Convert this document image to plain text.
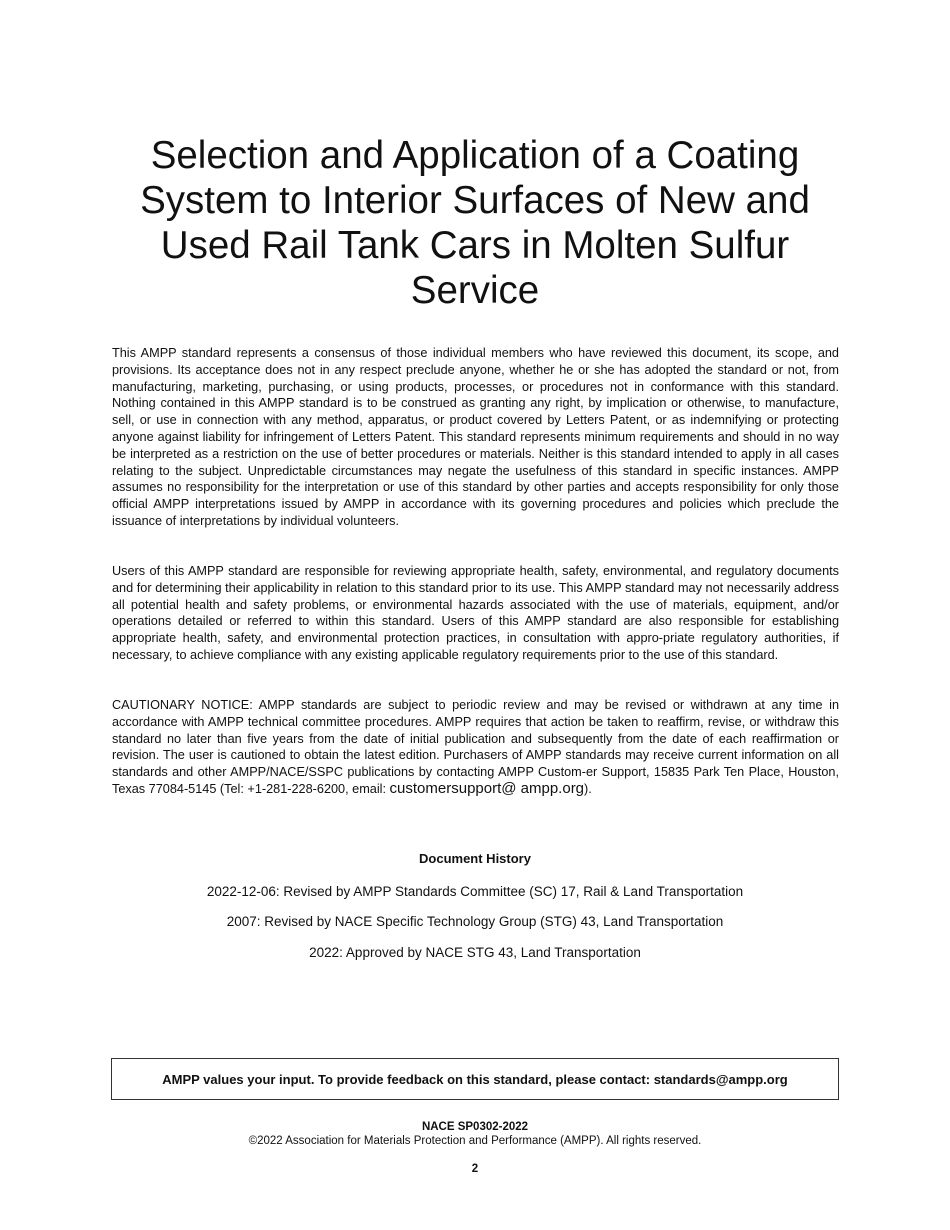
Selection and Application of a Coating
System to Interior Surfaces of New and
Used Rail Tank Cars in Molten Sulfur
Service

This AMPP standard represents a consensus of those individual members who have reviewed this document, its scope, and provisions. Its acceptance does not in any respect preclude anyone, whether he or she has adopted the standard or not, from manufacturing, marketing, purchasing, or using products, processes, or procedures not in conformance with this standard. Nothing contained in this AMPP standard is to be construed as granting any right, by implication or otherwise, to manufacture, sell, or use in connection with any method, apparatus, or product covered by Letters Patent, or as indemnifying or protecting anyone against liability for infringement of Letters Patent. This standard represents minimum requirements and should in no way be interpreted as a restriction on the use of better procedures or materials. Neither is this standard intended to apply in all cases relating to the subject. Unpredictable circumstances may negate the usefulness of this standard in specific instances. AMPP assumes no responsibility for the interpretation or use of this standard by other parties and accepts responsibility for only those official AMPP interpretations issued by AMPP in accordance with its governing procedures and policies which preclude the issuance of interpretations by individual volunteers.

Users of this AMPP standard are responsible for reviewing appropriate health, safety, environmental, and regulatory documents and for determining their applicability in relation to this standard prior to its use. This AMPP standard may not necessarily address all potential health and safety problems, or environmental hazards associated with the use of materials, equipment, and/or operations detailed or referred to within this standard. Users of this AMPP standard are also responsible for establishing appropriate health, safety, and environmental protection practices, in consultation with appro-priate regulatory authorities, if necessary, to achieve compliance with any existing applicable regulatory requirements prior to the use of this standard.

CAUTIONARY NOTICE: AMPP standards are subject to periodic review and may be revised or withdrawn at any time in accordance with AMPP technical committee procedures. AMPP requires that action be taken to reaffirm, revise, or withdraw this standard no later than five years from the date of initial publication and subsequently from the date of each reaffirmation or revision. The user is cautioned to obtain the latest edition. Purchasers of AMPP standards may receive current information on all standards and other AMPP/NACE/SSPC publications by contacting AMPP Custom-er Support, 15835 Park Ten Place, Houston, Texas 77084-5145 (Tel: +1-281-228-6200, email: customersupport@ ampp.org).

Document History

2022-12-06: Revised by AMPP Standards Committee (SC) 17, Rail & Land Transportation

2007: Revised by NACE Specific Technology Group (STG) 43, Land Transportation

2022: Approved by NACE STG 43, Land Transportation

AMPP values your input. To provide feedback on this standard, please contact: standards@ampp.org

NACE SP0302-2022

©2022 Association for Materials Protection and Performance (AMPP). All rights reserved.

2
